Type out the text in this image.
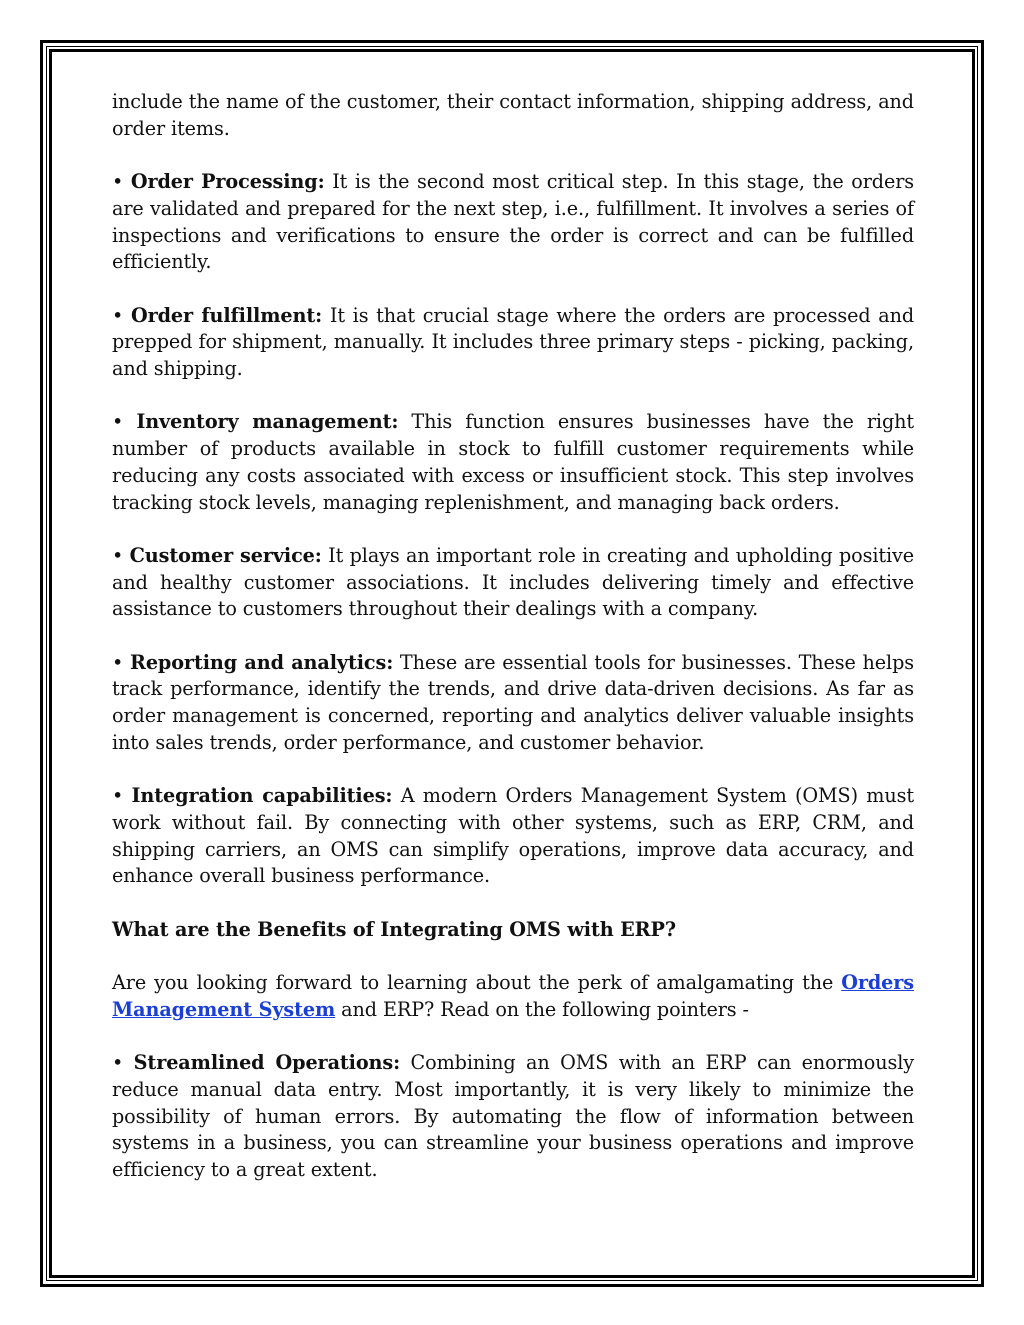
include the name of the customer, their contact information, shipping address, and order items.

• Order Processing: It is the second most critical step. In this stage, the orders are validated and prepared for the next step, i.e., fulfillment. It involves a series of inspections and verifications to ensure the order is correct and can be fulfilled efficiently.

• Order fulfillment: It is that crucial stage where the orders are processed and prepped for shipment, manually. It includes three primary steps - picking, packing, and shipping.

• Inventory management: This function ensures businesses have the right number of products available in stock to fulfill customer requirements while reducing any costs associated with excess or insufficient stock. This step involves tracking stock levels, managing replenishment, and managing back orders.

• Customer service: It plays an important role in creating and upholding positive and healthy customer associations. It includes delivering timely and effective assistance to customers throughout their dealings with a company.

• Reporting and analytics: These are essential tools for businesses. These helps track performance, identify the trends, and drive data-driven decisions. As far as order management is concerned, reporting and analytics deliver valuable insights into sales trends, order performance, and customer behavior.

• Integration capabilities: A modern Orders Management System (OMS) must work without fail. By connecting with other systems, such as ERP, CRM, and shipping carriers, an OMS can simplify operations, improve data accuracy, and enhance overall business performance.

What are the Benefits of Integrating OMS with ERP?

Are you looking forward to learning about the perk of amalgamating the Orders Management System and ERP? Read on the following pointers -

• Streamlined Operations: Combining an OMS with an ERP can enormously reduce manual data entry. Most importantly, it is very likely to minimize the possibility of human errors. By automating the flow of information between systems in a business, you can streamline your business operations and improve efficiency to a great extent.
